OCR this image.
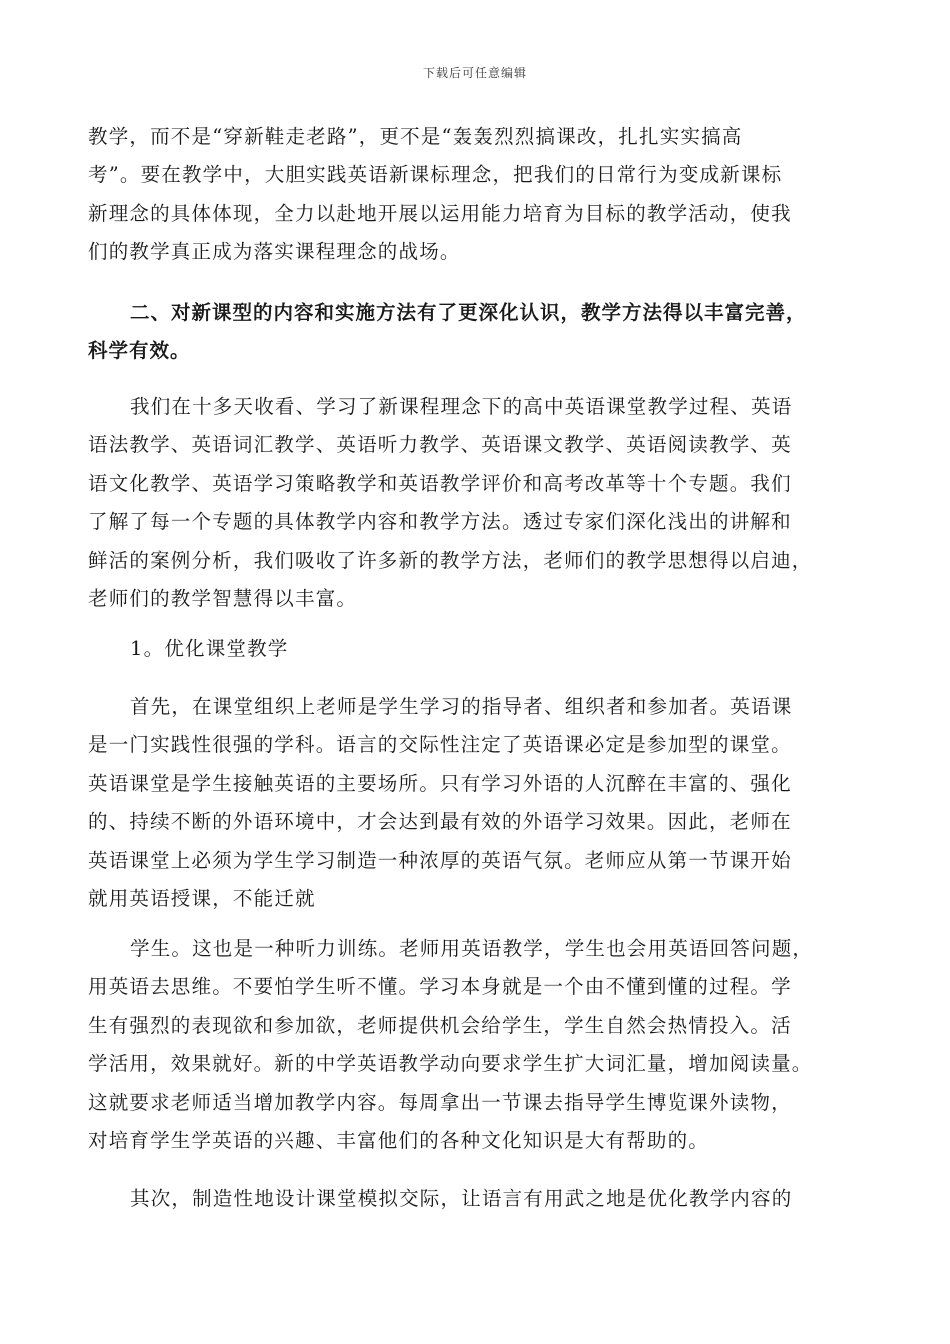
下载后可任意编辑
教学，而不是“穿新鞋走老路”，更不是“轰轰烈烈搞课改，扎扎实实搞高
考”。要在教学中，大胆实践英语新课标理念，把我们的日常行为变成新课标
新理念的具体体现，全力以赴地开展以运用能力培育为目标的教学活动，使我
们的教学真正成为落实课程理念的战场。
二、对新课型的内容和实施方法有了更深化认识，教学方法得以丰富完善，
科学有效。
我们在十多天收看、学习了新课程理念下的高中英语课堂教学过程、英语
语法教学、英语词汇教学、英语听力教学、英语课文教学、英语阅读教学、英
语文化教学、英语学习策略教学和英语教学评价和高考改革等十个专题。我们
了解了每一个专题的具体教学内容和教学方法。透过专家们深化浅出的讲解和
鲜活的案例分析，我们吸收了许多新的教学方法，老师们的教学思想得以启迪，
老师们的教学智慧得以丰富。
1。优化课堂教学
首先，在课堂组织上老师是学生学习的指导者、组织者和参加者。英语课
是一门实践性很强的学科。语言的交际性注定了英语课必定是参加型的课堂。
英语课堂是学生接触英语的主要场所。只有学习外语的人沉醉在丰富的、强化
的、持续不断的外语环境中，才会达到最有效的外语学习效果。因此，老师在
英语课堂上必须为学生学习制造一种浓厚的英语气氛。老师应从第一节课开始
就用英语授课，不能迁就
学生。这也是一种听力训练。老师用英语教学，学生也会用英语回答问题，
用英语去思维。不要怕学生听不懂。学习本身就是一个由不懂到懂的过程。学
生有强烈的表现欲和参加欲，老师提供机会给学生，学生自然会热情投入。活
学活用，效果就好。新的中学英语教学动向要求学生扩大词汇量，增加阅读量。
这就要求老师适当增加教学内容。每周拿出一节课去指导学生博览课外读物，
对培育学生学英语的兴趣、丰富他们的各种文化知识是大有帮助的。
其次，制造性地设计课堂模拟交际，让语言有用武之地是优化教学内容的
